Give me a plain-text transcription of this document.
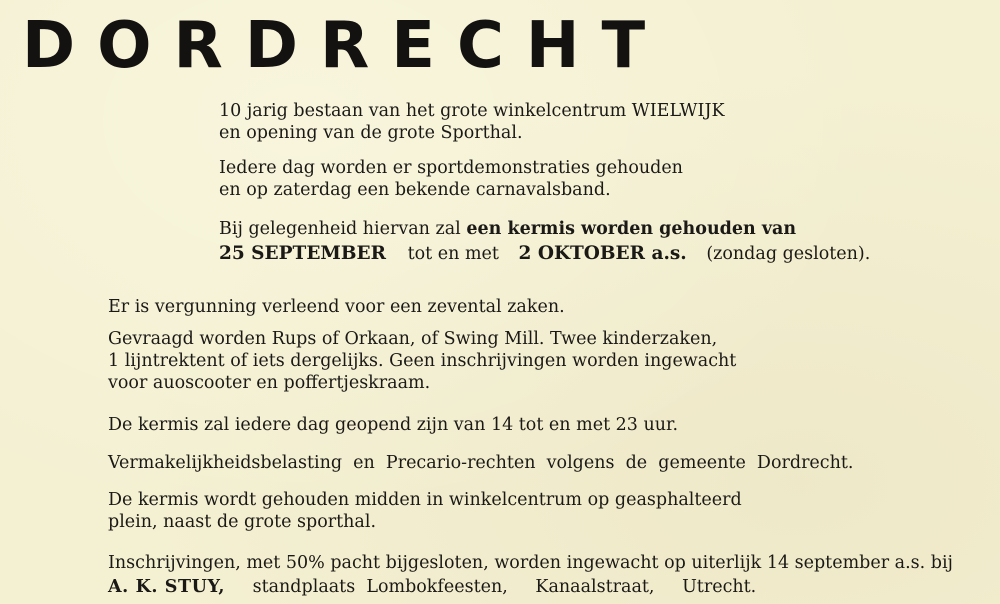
DORDRECHT

10 jarig bestaan van het grote winkelcentrum WIELWIJK
en opening van de grote Sporthal.

Iedere dag worden er sportdemonstraties gehouden
en op zaterdag een bekende carnavalsband.

Bij gelegenheid hiervan zal een kermis worden gehouden van
25 SEPTEMBER tot en met 2 OKTOBER a.s. (zondag gesloten).

Er is vergunning verleend voor een zevental zaken.

Gevraagd worden Rups of Orkaan, of Swing Mill. Twee kinderzaken,
1 lijntrektent of iets dergelijks. Geen inschrijvingen worden ingewacht
voor auoscooter en poffertjeskraam.

De kermis zal iedere dag geopend zijn van 14 tot en met 23 uur.

Vermakelijkheidsbelasting  en  Precario-rechten  volgens  de  gemeente  Dordrecht.

De kermis wordt gehouden midden in winkelcentrum op geasphalteerd
plein, naast de grote sporthal.

Inschrijvingen, met 50% pacht bijgesloten, worden ingewacht op uiterlijk 14 september a.s. bij
A. K. STUY, standplaats  Lombokfeesten, Kanaalstraat, Utrecht.
